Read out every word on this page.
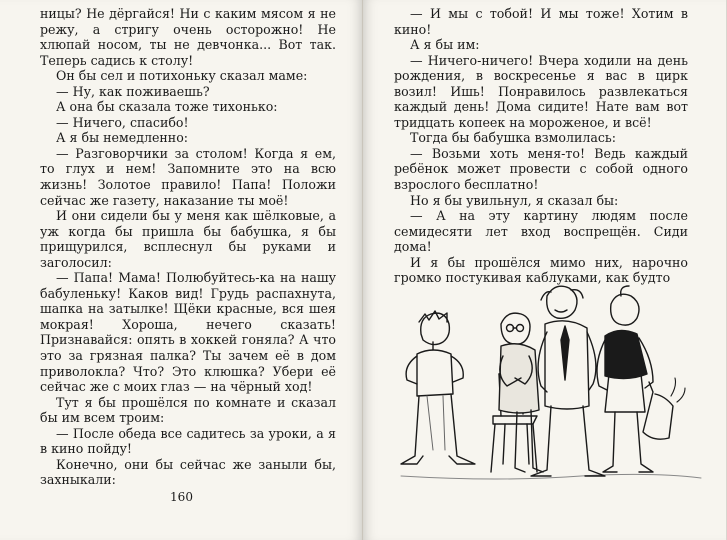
ницы? Не дёргайся! Ни с каким мясом я не режу, а стригу очень осторожно! Не хлюпай носом, ты не девчонка... Вот так. Теперь садись к столу!

Он бы сел и потихоньку сказал маме:

— Ну, как поживаешь?

А она бы сказала тоже тихонько:

— Ничего, спасибо!

А я бы немедленно:

— Разговорчики за столом! Когда я ем, то глух и нем! Запомните это на всю жизнь! Золотое правило! Папа! Положи сейчас же газету, наказание ты моё!

И они сидели бы у меня как шёлковые, а уж когда бы пришла бы бабушка, я бы прищурился, всплеснул бы руками и заголосил:

— Папа! Мама! Полюбуйтесь-ка на нашу бабуленьку! Каков вид! Грудь распахнута, шапка на затылке! Щёки красные, вся шея мокрая! Хороша, нечего сказать! Признавайся: опять в хоккей гоняла? А что это за грязная палка? Ты зачем её в дом приволокла? Что? Это клюшка? Убери её сейчас же с моих глаз — на чёрный ход!

Тут я бы прошёлся по комнате и сказал бы им всем троим:

— После обеда все садитесь за уроки, а я в кино пойду!

Конечно, они бы сейчас же заныли бы, захныкали:

160

— И мы с тобой! И мы тоже! Хотим в кино!

А я бы им:

— Ничего-ничего! Вчера ходили на день рождения, в воскресенье я вас в цирк возил! Ишь! Понравилось развлекаться каждый день! Дома сидите! Нате вам вот тридцать копеек на мороженое, и всё!

Тогда бы бабушка взмолилась:

— Возьми хоть меня-то! Ведь каждый ребёнок может провести с собой одного взрослого бесплатно!

Но я бы увильнул, я сказал бы:

— А на эту картину людям после семидесяти лет вход воспрещён. Сиди дома!

И я бы прошёлся мимо них, нарочно громко постукивая каблуками, как будто
